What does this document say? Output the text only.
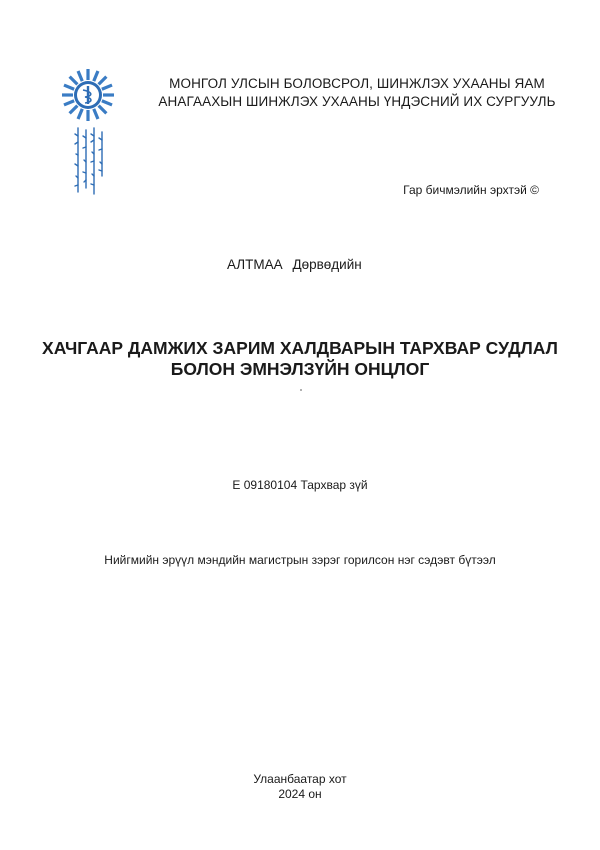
МОНГОЛ УЛСЫН БОЛОВСРОЛ, ШИНЖЛЭХ УХААНЫ ЯАМ
АНАГААХЫН ШИНЖЛЭХ УХААНЫ ҮНДЭСНИЙ ИХ СУРГУУЛЬ
Гар бичмэлийн эрхтэй ©
АЛТМАА Дөрвөдийн
ХАЧГААР ДАМЖИХ ЗАРИМ ХАЛДВАРЫН ТАРХВАР СУДЛАЛ
БОЛОН ЭМНЭЛЗҮЙН ОНЦЛОГ
Е 09180104 Тархвар зүй
Нийгмийн эрүүл мэндийн магистрын зэрэг горилсон нэг сэдэвт бүтээл
Улаанбаатар хот
2024 он
